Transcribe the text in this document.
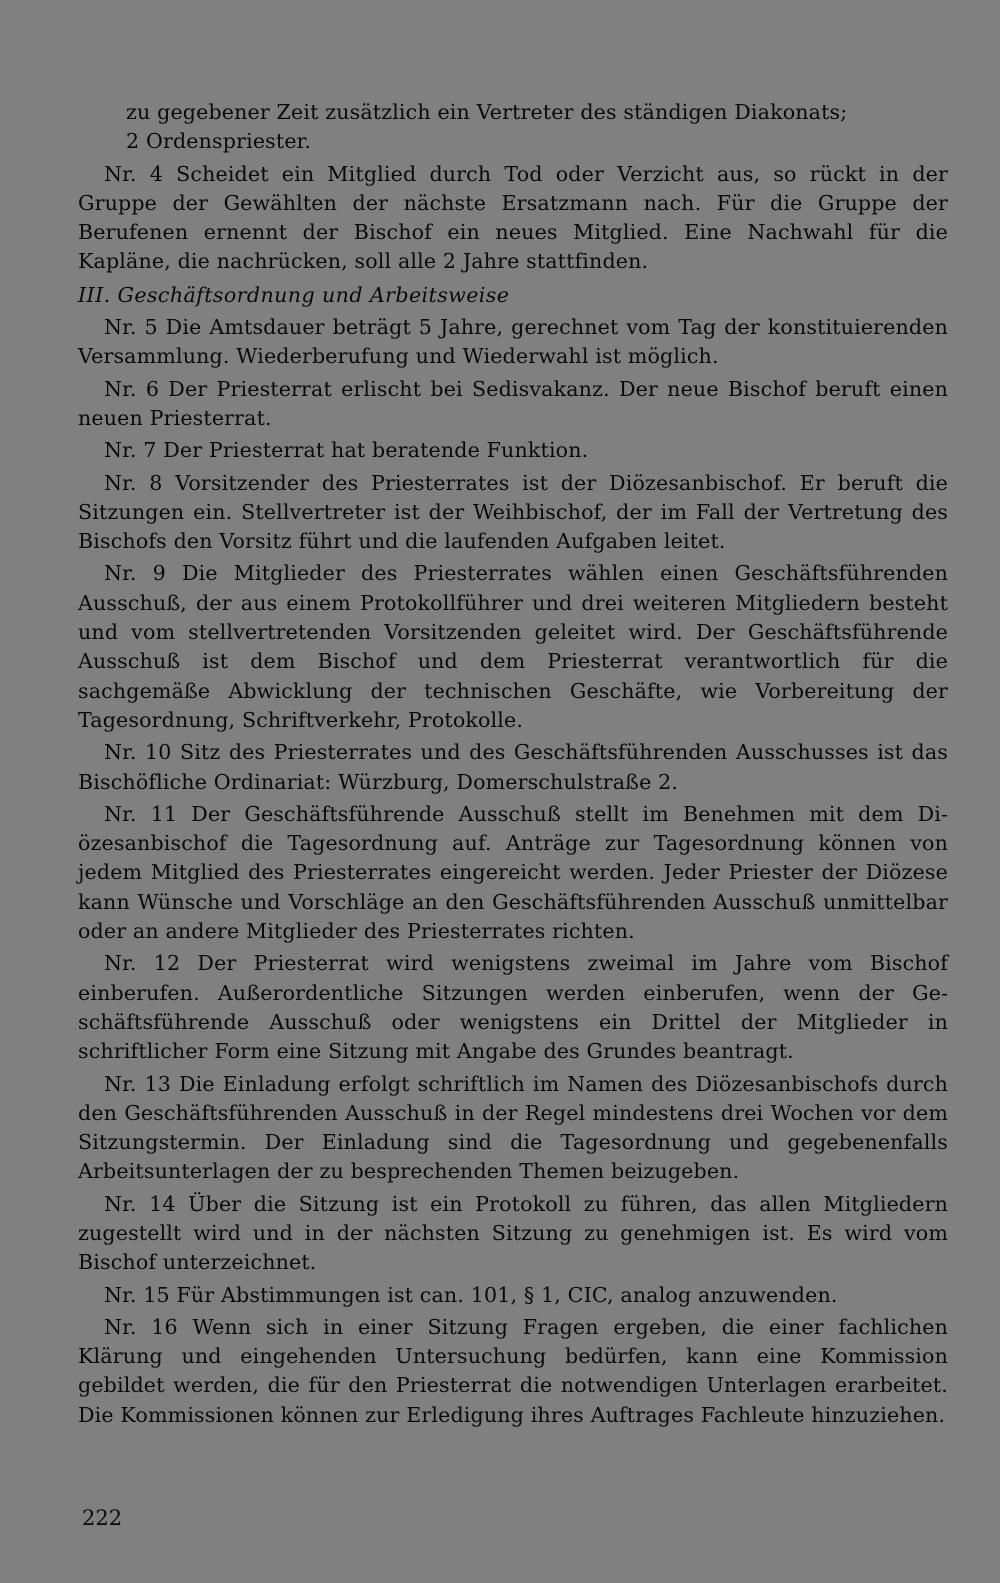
zu gegebener Zeit zusätzlich ein Vertreter des ständigen Diakonats;

2 Ordenspriester.

Nr. 4 Scheidet ein Mitglied durch Tod oder Verzicht aus, so rückt in der Gruppe der Gewählten der nächste Ersatzmann nach. Für die Gruppe der Berufenen ernennt der Bischof ein neues Mitglied. Eine Nachwahl für die Kapläne, die nachrücken, soll alle 2 Jahre stattfinden.

III. Geschäftsordnung und Arbeitsweise

Nr. 5 Die Amtsdauer beträgt 5 Jahre, gerechnet vom Tag der konstituierenden Versammlung. Wiederberufung und Wiederwahl ist möglich.

Nr. 6 Der Priesterrat erlischt bei Sedisvakanz. Der neue Bischof beruft einen neuen Priesterrat.

Nr. 7 Der Priesterrat hat beratende Funktion.

Nr. 8 Vorsitzender des Priesterrates ist der Diözesanbischof. Er beruft die Sitzungen ein. Stellvertreter ist der Weihbischof, der im Fall der Vertretung des Bischofs den Vorsitz führt und die laufenden Aufgaben leitet.

Nr. 9 Die Mitglieder des Priesterrates wählen einen Geschäftsführenden Ausschuß, der aus einem Protokollführer und drei weiteren Mitgliedern besteht und vom stellvertretenden Vorsitzenden geleitet wird. Der Geschäftsführende Ausschuß ist dem Bischof und dem Priesterrat verantwortlich für die sachgemäße Abwicklung der technischen Geschäfte, wie Vorbereitung der Tagesordnung, Schriftverkehr, Protokolle.

Nr. 10 Sitz des Priesterrates und des Geschäftsführenden Ausschusses ist das Bischöfliche Ordinariat: Würzburg, Domerschulstraße 2.

Nr. 11 Der Geschäftsführende Ausschuß stellt im Benehmen mit dem Diözesanbischof die Tagesordnung auf. Anträge zur Tagesordnung können von jedem Mitglied des Priesterrates eingereicht werden. Jeder Priester der Diözese kann Wünsche und Vorschläge an den Geschäftsführenden Ausschuß unmittelbar oder an andere Mitglieder des Priesterrates richten.

Nr. 12 Der Priesterrat wird wenigstens zweimal im Jahre vom Bischof einberufen. Außerordentliche Sitzungen werden einberufen, wenn der Geschäftsführende Ausschuß oder wenigstens ein Drittel der Mitglieder in schriftlicher Form eine Sitzung mit Angabe des Grundes beantragt.

Nr. 13 Die Einladung erfolgt schriftlich im Namen des Diözesanbischofs durch den Geschäftsführenden Ausschuß in der Regel mindestens drei Wochen vor dem Sitzungstermin. Der Einladung sind die Tagesordnung und gegebenenfalls Arbeitsunterlagen der zu besprechenden Themen beizugeben.

Nr. 14 Über die Sitzung ist ein Protokoll zu führen, das allen Mitgliedern zugestellt wird und in der nächsten Sitzung zu genehmigen ist. Es wird vom Bischof unterzeichnet.

Nr. 15 Für Abstimmungen ist can. 101, § 1, CIC, analog anzuwenden.

Nr. 16 Wenn sich in einer Sitzung Fragen ergeben, die einer fachlichen Klärung und eingehenden Untersuchung bedürfen, kann eine Kommission gebildet werden, die für den Priesterrat die notwendigen Unterlagen erarbeitet. Die Kommissionen können zur Erledigung ihres Auftrages Fachleute hinzuziehen.

222
